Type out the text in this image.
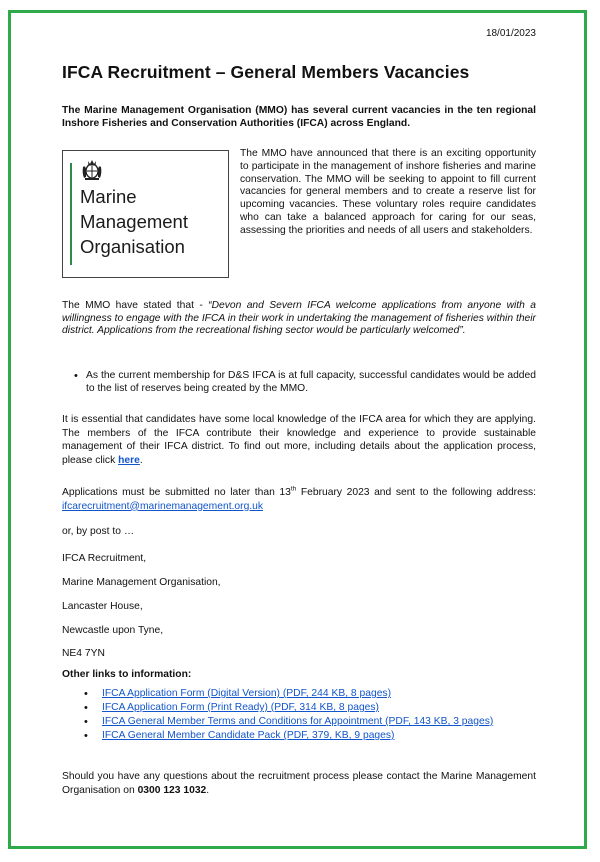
18/01/2023
IFCA Recruitment – General Members Vacancies

The Marine Management Organisation (MMO) has several current vacancies in the ten regional Inshore Fisheries and Conservation Authorities (IFCA) across England.

Marine
Management
Organisation

The MMO have announced that there is an exciting opportunity to participate in the management of inshore fisheries and marine conservation. The MMO will be seeking to appoint to fill current vacancies for general members and to create a reserve list for upcoming vacancies. These voluntary roles require candidates who can take a balanced approach for caring for our seas, assessing the priorities and needs of all users and stakeholders.

The MMO have stated that - “Devon and Severn IFCA welcome applications from anyone with a willingness to engage with the IFCA in their work in undertaking the management of fisheries within their district. Applications from the recreational fishing sector would be particularly welcomed”.

• As the current membership for D&S IFCA is at full capacity, successful candidates would be added to the list of reserves being created by the MMO.

It is essential that candidates have some local knowledge of the IFCA area for which they are applying. The members of the IFCA contribute their knowledge and experience to provide sustainable management of their IFCA district. To find out more, including details about the application process, please click here.

Applications must be submitted no later than 13th February 2023 and sent to the following address: ifcarecruitment@marinemanagement.org.uk

or, by post to …

IFCA Recruitment,

Marine Management Organisation,

Lancaster House,

Newcastle upon Tyne,

NE4 7YN

Other links to information:

•	IFCA Application Form (Digital Version) (PDF, 244 KB, 8 pages)
•	IFCA Application Form (Print Ready) (PDF, 314 KB, 8 pages)
•	IFCA General Member Terms and Conditions for Appointment (PDF, 143 KB, 3 pages)
•	IFCA General Member Candidate Pack (PDF, 379, KB, 9 pages)

Should you have any questions about the recruitment process please contact the Marine Management Organisation on 0300 123 1032.
